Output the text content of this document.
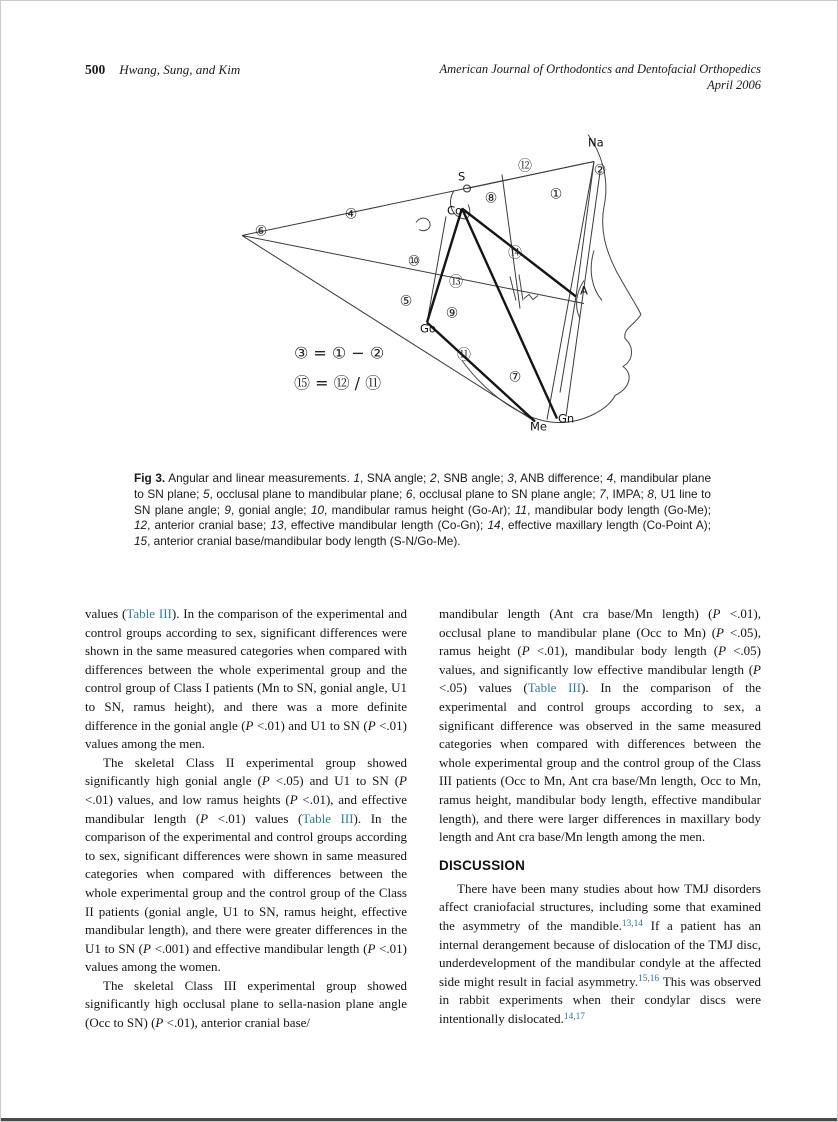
500 Hwang, Sung, and Kim	American Journal of Orthodontics and Dentofacial Orthopedics
April 2006
⑫	②
①
⑧
④
⑥
⑭
⑩
⑬
⑤
⑨
⑪
⑦
S
Na
Co
Go
A
Me
Gn
③ = ① − ②
⑮ = ⑫ / ⑪
Fig 3. Angular and linear measurements. 1, SNA angle; 2, SNB angle; 3, ANB difference; 4, mandibular plane to SN plane; 5, occlusal plane to mandibular plane; 6, occlusal plane to SN plane angle; 7, IMPA; 8, U1 line to SN plane angle; 9, gonial angle; 10, mandibular ramus height (Go-Ar); 11, mandibular body length (Go-Me); 12, anterior cranial base; 13, effective mandibular length (Co-Gn); 14, effective maxillary length (Co-Point A); 15, anterior cranial base/mandibular body length (S-N/Go-Me).

values (Table III). In the comparison of the experimental and control groups according to sex, significant differences were shown in the same measured categories when compared with differences between the whole experimental group and the control group of Class I patients (Mn to SN, gonial angle, U1 to SN, ramus height), and there was a more definite difference in the gonial angle (P <.01) and U1 to SN (P <.01) values among the men.

The skeletal Class II experimental group showed significantly high gonial angle (P <.05) and U1 to SN (P <.01) values, and low ramus heights (P <.01), and effective mandibular length (P <.01) values (Table III). In the comparison of the experimental and control groups according to sex, significant differences were shown in same measured categories when compared with differences between the whole experimental group and the control group of the Class II patients (gonial angle, U1 to SN, ramus height, effective mandibular length), and there were greater differences in the U1 to SN (P <.001) and effective mandibular length (P <.01) values among the women.

The skeletal Class III experimental group showed significantly high occlusal plane to sella-nasion plane angle (Occ to SN) (P <.01), anterior cranial base/

mandibular length (Ant cra base/Mn length) (P <.01), occlusal plane to mandibular plane (Occ to Mn) (P <.05), ramus height (P <.01), mandibular body length (P <.05) values, and significantly low effective mandibular length (P <.05) values (Table III). In the comparison of the experimental and control groups according to sex, a significant difference was observed in the same measured categories when compared with differences between the whole experimental group and the control group of the Class III patients (Occ to Mn, Ant cra base/Mn length, Occ to Mn, ramus height, mandibular body length, effective mandibular length), and there were larger differences in maxillary body length and Ant cra base/Mn length among the men.

DISCUSSION

There have been many studies about how TMJ disorders affect craniofacial structures, including some that examined the asymmetry of the mandible.$^{13,14}$ If a patient has an internal derangement because of dislocation of the TMJ disc, underdevelopment of the mandibular condyle at the affected side might result in facial asymmetry.$^{15,16}$ This was observed in rabbit experiments when their condylar discs were intentionally dislocated.$^{14,17}$
